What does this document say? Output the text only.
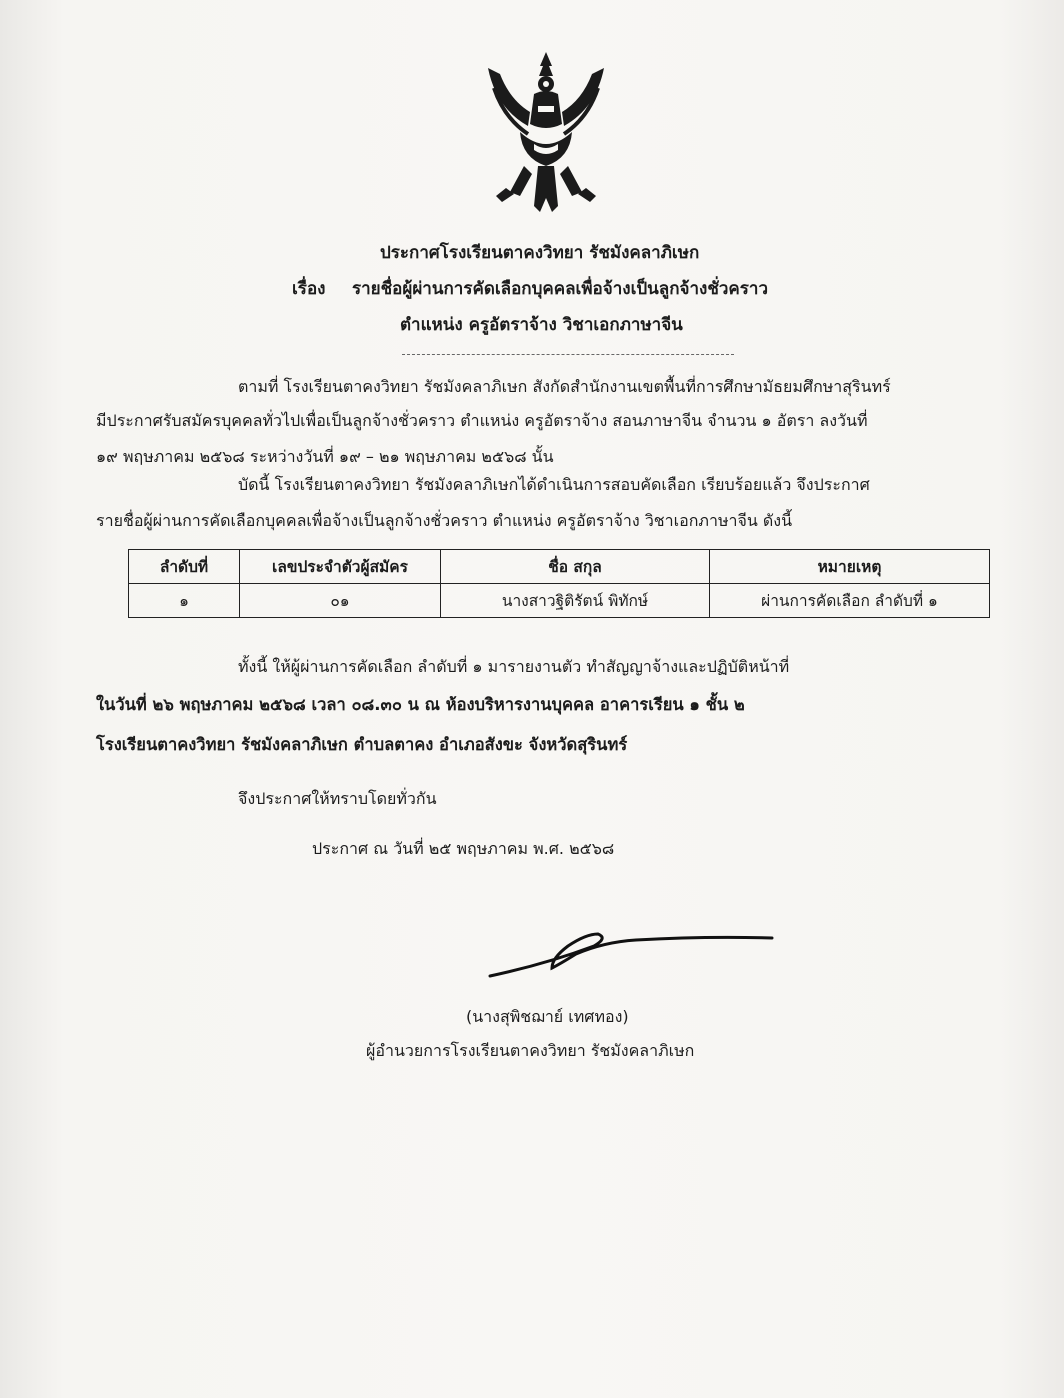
ประกาศโรงเรียนตาคงวิทยา รัชมังคลาภิเษก
เรื่อง รายชื่อผู้ผ่านการคัดเลือกบุคคลเพื่อจ้างเป็นลูกจ้างชั่วคราว
ตำแหน่ง ครูอัตราจ้าง วิชาเอกภาษาจีน
ตามที่ โรงเรียนตาคงวิทยา รัชมังคลาภิเษก สังกัดสำนักงานเขตพื้นที่การศึกษามัธยมศึกษาสุรินทร์
มีประกาศรับสมัครบุคคลทั่วไปเพื่อเป็นลูกจ้างชั่วคราว ตำแหน่ง ครูอัตราจ้าง สอนภาษาจีน จำนวน ๑ อัตรา ลงวันที่
๑๙ พฤษภาคม ๒๕๖๘ ระหว่างวันที่ ๑๙ – ๒๑ พฤษภาคม ๒๕๖๘ นั้น
บัดนี้ โรงเรียนตาคงวิทยา รัชมังคลาภิเษกได้ดำเนินการสอบคัดเลือก เรียบร้อยแล้ว จึงประกาศ
รายชื่อผู้ผ่านการคัดเลือกบุคคลเพื่อจ้างเป็นลูกจ้างชั่วคราว ตำแหน่ง ครูอัตราจ้าง วิชาเอกภาษาจีน ดังนี้
ลำดับที่	เลขประจำตัวผู้สมัคร	ชื่อ สกุล	หมายเหตุ
๑	๐๑	นางสาวฐิติรัตน์ พิทักษ์	ผ่านการคัดเลือก ลำดับที่ ๑
ทั้งนี้ ให้ผู้ผ่านการคัดเลือก ลำดับที่ ๑ มารายงานตัว ทำสัญญาจ้างและปฏิบัติหน้าที่
ในวันที่ ๒๖ พฤษภาคม ๒๕๖๘ เวลา ๐๘.๓๐ น ณ ห้องบริหารงานบุคคล อาคารเรียน ๑ ชั้น ๒
โรงเรียนตาคงวิทยา รัชมังคลาภิเษก ตำบลตาคง อำเภอสังขะ จังหวัดสุรินทร์
จึงประกาศให้ทราบโดยทั่วกัน
ประกาศ ณ วันที่ ๒๕ พฤษภาคม พ.ศ. ๒๕๖๘
(นางสุพิชฌาย์ เทศทอง)
ผู้อำนวยการโรงเรียนตาคงวิทยา รัชมังคลาภิเษก
